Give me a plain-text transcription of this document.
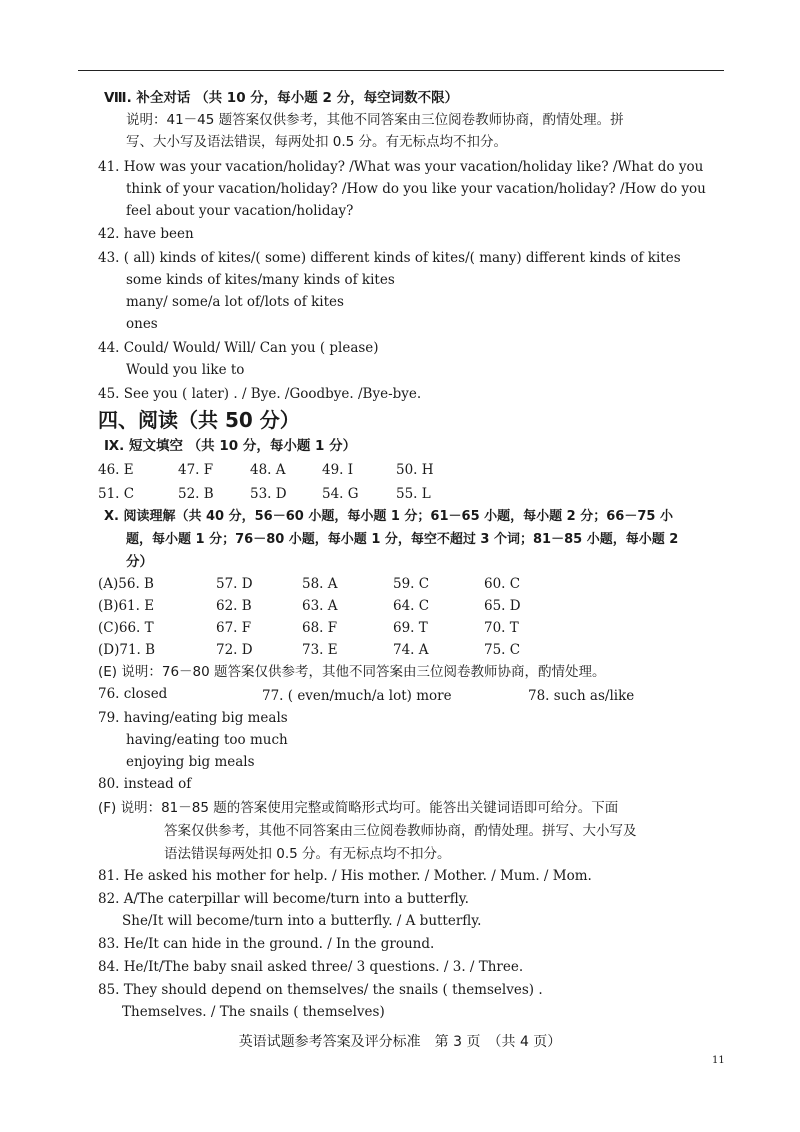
Ⅷ. 补全对话 （共 10 分，每小题 2 分，每空词数不限）
说明：41－45 题答案仅供参考，其他不同答案由三位阅卷教师协商，酌情处理。拼
写、大小写及语法错误，每两处扣 0.5 分。有无标点均不扣分。
41. How was your vacation/holiday? /What was your vacation/holiday like? /What do you
think of your vacation/holiday? /How do you like your vacation/holiday? /How do you
feel about your vacation/holiday?
42. have been
43. ( all) kinds of kites/( some) different kinds of kites/( many) different kinds of kites
some kinds of kites/many kinds of kites
many/ some/a lot of/lots of kites
ones
44. Could/ Would/ Will/ Can you ( please)
Would you like to
45. See you ( later) . / Bye. /Goodbye. /Bye-bye.
四、阅读（共 50 分）
Ⅸ. 短文填空 （共 10 分，每小题 1 分）
46. E	47. F	48. A	49. I	50. H
51. C	52. B	53. D	54. G	55. L
Ⅹ. 阅读理解（共 40 分，56－60 小题，每小题 1 分；61－65 小题，每小题 2 分；66－75 小
题，每小题 1 分；76－80 小题，每小题 1 分，每空不超过 3 个词；81－85 小题，每小题 2
分）
(A)56. B	57. D	58. A	59. C	60. C
(B)61. E	62. B	63. A	64. C	65. D
(C)66. T	67. F	68. F	69. T	70. T
(D)71. B	72. D	73. E	74. A	75. C
(E) 说明：76－80 题答案仅供参考，其他不同答案由三位阅卷教师协商，酌情处理。
76. closed	77. ( even/much/a lot) more	78. such as/like
79. having/eating big meals
having/eating too much
enjoying big meals
80. instead of
(F) 说明：81－85 题的答案使用完整或简略形式均可。能答出关键词语即可给分。下面
答案仅供参考，其他不同答案由三位阅卷教师协商，酌情处理。拼写、大小写及
语法错误每两处扣 0.5 分。有无标点均不扣分。
81. He asked his mother for help. / His mother. / Mother. / Mum. / Mom.
82. A/The caterpillar will become/turn into a butterfly.
She/It will become/turn into a butterfly. / A butterfly.
83. He/It can hide in the ground. / In the ground.
84. He/It/The baby snail asked three/ 3 questions. / 3. / Three.
85. They should depend on themselves/ the snails ( themselves) .
Themselves. / The snails ( themselves)
英语试题参考答案及评分标准　第 3 页　（共 4 页）
11
